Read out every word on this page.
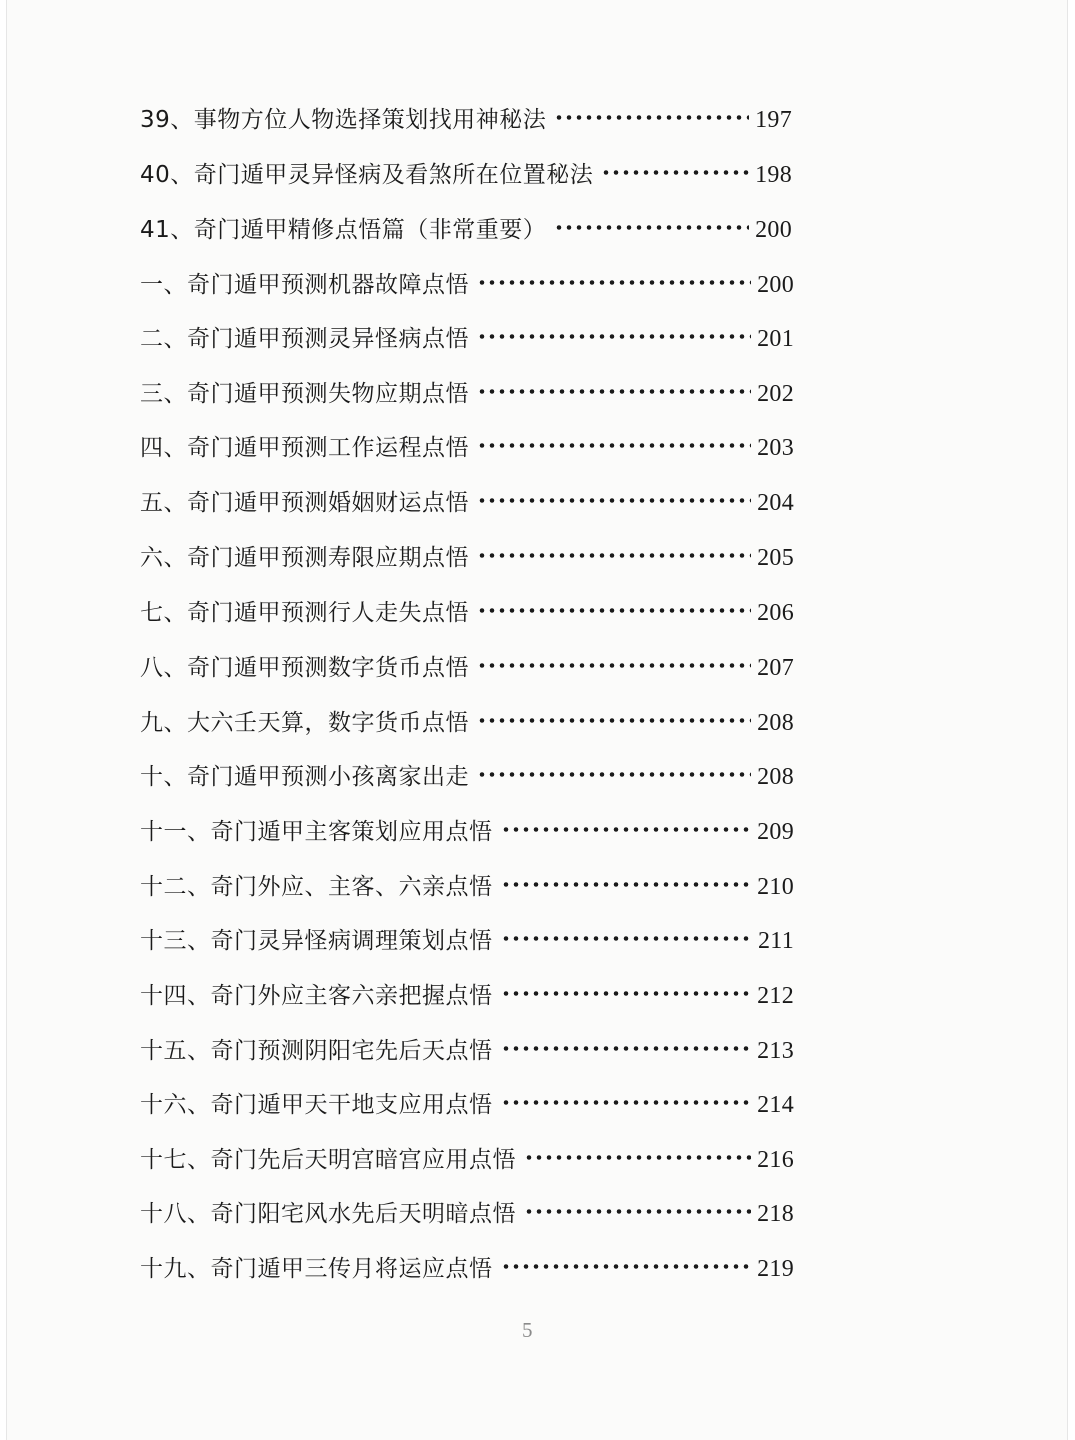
39、事物方位人物选择策划找用神秘法	197
40、奇门遁甲灵异怪病及看煞所在位置秘法	198
41、奇门遁甲精修点悟篇（非常重要）	200
一、奇门遁甲预测机器故障点悟	200
二、奇门遁甲预测灵异怪病点悟	201
三、奇门遁甲预测失物应期点悟	202
四、奇门遁甲预测工作运程点悟	203
五、奇门遁甲预测婚姻财运点悟	204
六、奇门遁甲预测寿限应期点悟	205
七、奇门遁甲预测行人走失点悟	206
八、奇门遁甲预测数字货币点悟	207
九、大六壬天算，数字货币点悟	208
十、奇门遁甲预测小孩离家出走	208
十一、奇门遁甲主客策划应用点悟	209
十二、奇门外应、主客、六亲点悟	210
十三、奇门灵异怪病调理策划点悟	211
十四、奇门外应主客六亲把握点悟	212
十五、奇门预测阴阳宅先后天点悟	213
十六、奇门遁甲天干地支应用点悟	214
十七、奇门先后天明宫暗宫应用点悟	216
十八、奇门阳宅风水先后天明暗点悟	218
十九、奇门遁甲三传月将运应点悟	219
5
